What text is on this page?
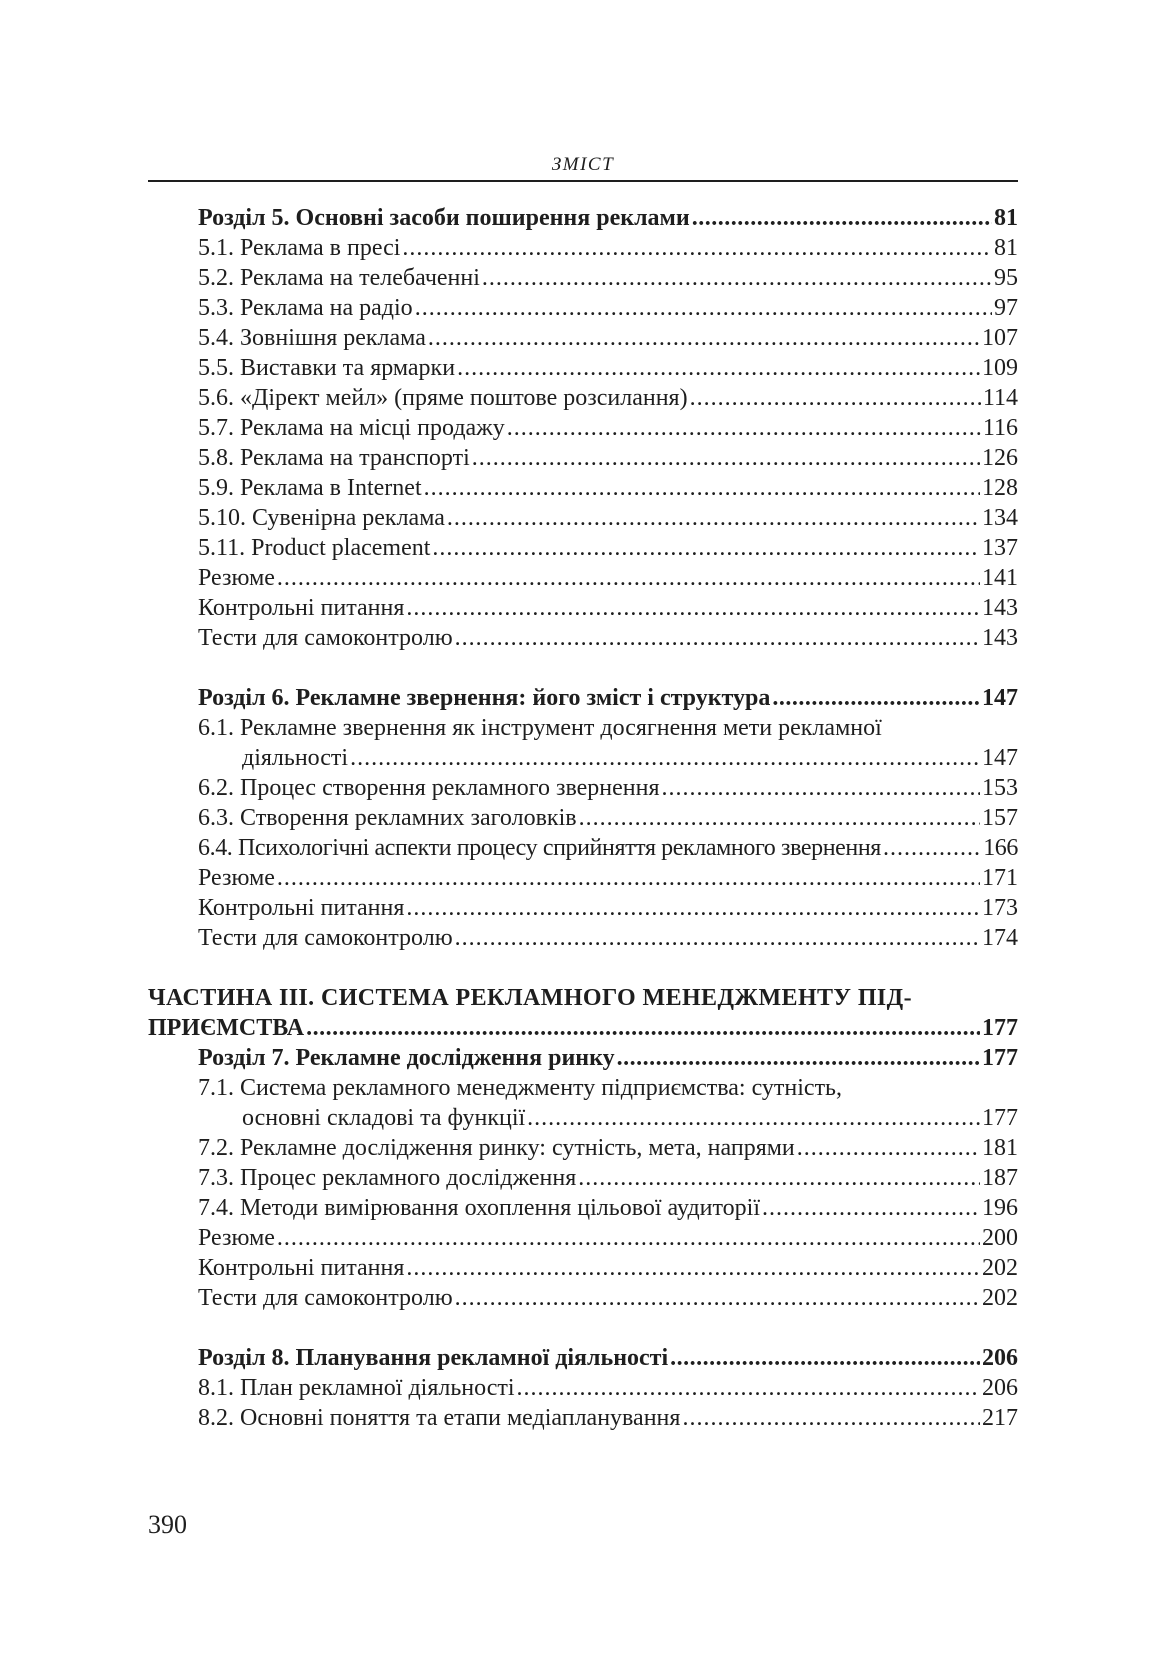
ЗМІСТ
Розділ 5. Основні засоби поширення реклами .....	81
5.1. Реклама в пресі .....	81
5.2. Реклама на телебаченні .....	95
5.3. Реклама на радіо .....	97
5.4. Зовнішня реклама .....	107
5.5. Виставки та ярмарки .....	109
5.6. «Дірект мейл» (пряме поштове розсилання) .....	114
5.7. Реклама на місці продажу .....	116
5.8. Реклама на транспорті .....	126
5.9. Реклама в Internet .....	128
5.10. Сувенірна реклама .....	134
5.11. Product placement .....	137
Резюме .....	141
Контрольні питання .....	143
Тести для самоконтролю .....	143
Розділ 6. Рекламне звернення: його зміст і структура .....	147
6.1. Рекламне звернення як інструмент досягнення мети рекламної
діяльності .....	147
6.2. Процес створення рекламного звернення .....	153
6.3. Створення рекламних заголовків .....	157
6.4. Психологічні аспекти процесу сприйняття рекламного звернення .....	166
Резюме .....	171
Контрольні питання .....	173
Тести для самоконтролю .....	174
ЧАСТИНА ІІІ. СИСТЕМА РЕКЛАМНОГО МЕНЕДЖМЕНТУ ПІД-
ПРИЄМСТВА .....	177
Розділ 7. Рекламне дослідження ринку .....	177
7.1. Система рекламного менеджменту підприємства: сутність,
основні складові та функції .....	177
7.2. Рекламне дослідження ринку: сутність, мета, напрями .....	181
7.3. Процес рекламного дослідження .....	187
7.4. Методи вимірювання охоплення цільової аудиторії .....	196
Резюме .....	200
Контрольні питання .....	202
Тести для самоконтролю .....	202
Розділ 8. Планування рекламної діяльності .....	206
8.1. План рекламної діяльності .....	206
8.2. Основні поняття та етапи медіапланування .....	217
390
